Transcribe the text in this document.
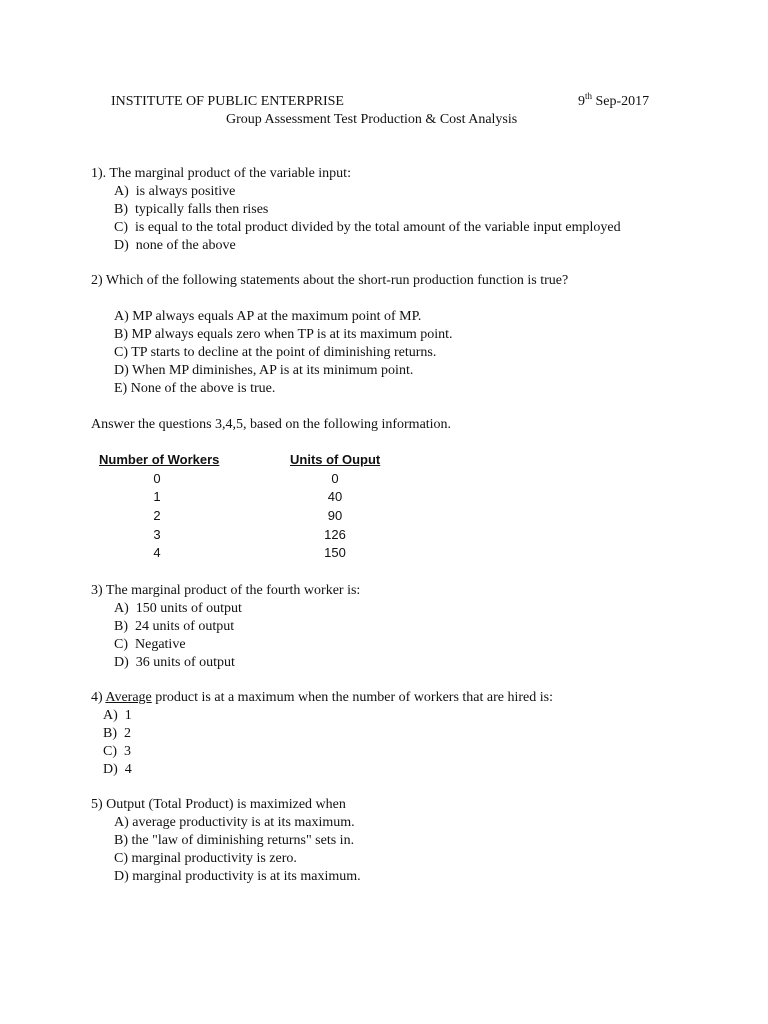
INSTITUTE OF PUBLIC ENTERPRISE	9th Sep-2017
Group Assessment Test Production & Cost Analysis
1). The marginal product of the variable input:
A) is always positive
B) typically falls then rises
C) is equal to the total product divided by the total amount of the variable input employed
D) none of the above
2) Which of the following statements about the short-run production function is true?
A) MP always equals AP at the maximum point of MP.
B) MP always equals zero when TP is at its maximum point.
C) TP starts to decline at the point of diminishing returns.
D) When MP diminishes, AP is at its minimum point.
E) None of the above is true.
Answer the questions 3,4,5, based on the following information.
Number of Workers	Units of Ouput
0	0
1	40
2	90
3	126
4	150
3) The marginal product of the fourth worker is:
A) 150 units of output
B) 24 units of output
C) Negative
D) 36 units of output
4) Average product is at a maximum when the number of workers that are hired is:
A) 1
B) 2
C) 3
D) 4
5) Output (Total Product) is maximized when
A) average productivity is at its maximum.
B) the "law of diminishing returns" sets in.
C) marginal productivity is zero.
D) marginal productivity is at its maximum.
